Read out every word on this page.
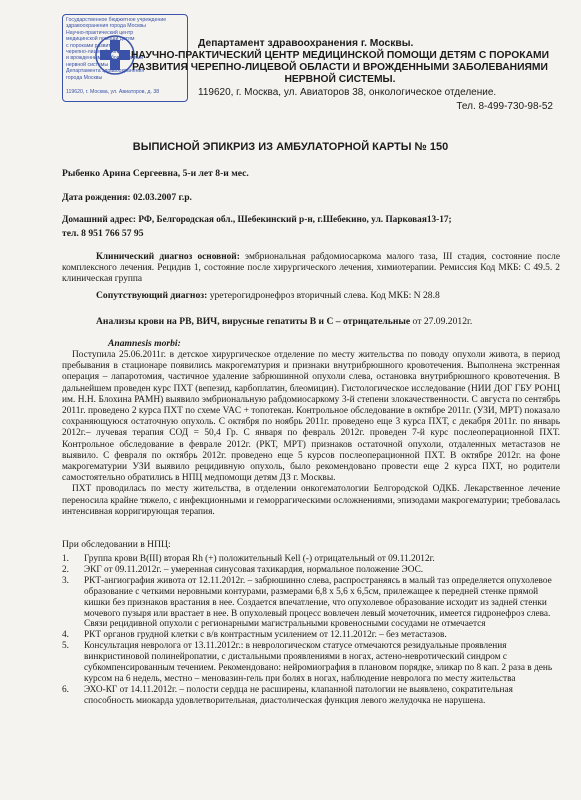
Государственное бюджетное учреждение
здравоохранения города Москвы
Научно-практический центр
медицинской помощи детям
с пороками развития
черепно-лицевой области
и врожденными заболеваниями
нервной системы
Департамента здравоохранения
города Москвы
119620, г. Москва, ул. Авиаторов, д. 38
Департамент здравоохранения г. Москвы.
НАУЧНО-ПРАКТИЧЕСКИЙ ЦЕНТР МЕДИЦИНСКОЙ ПОМОЩИ ДЕТЯМ С ПОРОКАМИ РАЗВИТИЯ ЧЕРЕПНО-ЛИЦЕВОЙ ОБЛАСТИ И ВРОЖДЕННЫМИ ЗАБОЛЕВАНИЯМИ НЕРВНОЙ СИСТЕМЫ.
119620, г. Москва, ул. Авиаторов 38, онкологическое отделение.
Тел. 8-499-730-98-52
ВЫПИСНОЙ ЭПИКРИЗ ИЗ АМБУЛАТОРНОЙ КАРТЫ № 150
Рыбенко Арина Сергеевна, 5-и лет 8-и мес.
Дата рождения: 02.03.2007 г.р.
Домашний адрес: РФ, Белгородская обл., Шебекинский р-н, г.Шебекино, ул. Парковая13-17;
тел. 8 951 766 57 95
Клинический диагноз основной: эмбриональная рабдомиосаркома малого таза, III стадия, состояние после комплексного лечения. Рецидив 1, состояние после хирургического лечения, химиотерапии. Ремиссия Код МКБ: С 49.5. 2 клиническая группа
Сопутствующий диагноз: уретерогидронефроз вторичный слева. Код МКБ: N 28.8
Анализы крови на РВ, ВИЧ, вирусные гепатиты В и С – отрицательные от 27.09.2012г.
Anamnesis morbi:

Поступила 25.06.2011г. в детское хирургическое отделение по месту жительства по поводу опухоли живота, в период пребывания в стационаре появились макрогематурия и признаки внутрибрюшного кровотечения. Выполнена экстренная операция – лапаротомия, частичное удаление забрюшинной опухоли слева, остановка внутрибрюшного кровотечения. В дальнейшем проведен курс ПХТ (вепезид, карбоплатин, блеомицин). Гистологическое исследование (НИИ ДОГ ГБУ РОНЦ им. Н.Н. Блохина РАМН) выявило эмбриональную рабдомиосаркому 3-й степени злокачественности. С августа по сентябрь 2011г. проведено 2 курса ПХТ по схеме VAC + топотекан. Контрольное обследование в октябре 2011г. (УЗИ, МРТ) показало сохраняющуюся остаточную опухоль. С октября по ноябрь 2011г. проведено еще 3 курса ПХТ, с декабря 2011г. по январь 2012г.– лучевая терапия СОД = 50,4 Гр. С января по февраль 2012г. проведен 7-й курс послеоперационной ПХТ. Контрольное обследование в феврале 2012г. (РКТ, МРТ) признаков остаточной опухоли, отдаленных метастазов не выявило. С февраля по октябрь 2012г. проведено еще 5 курсов послеоперационной ПХТ. В октябре 2012г. на фоне макрогематурии УЗИ выявило рецидивную опухоль, было рекомендовано провести еще 2 курса ПХТ, но родители самостоятельно обратились в НПЦ медпомощи детям ДЗ г. Москвы.

ПХТ проводилась по месту жительства, в отделении онкогематологии Белгородской ОДКБ. Лекарственное лечение переносила крайне тяжело, с инфекционными и геморрагическими осложнениями, эпизодами макрогематурии; требовалась интенсивная корригирующая терапия.

При обследовании в НПЦ:
1. Группа крови В(III) вторая Rh (+) положительный Kell (-) отрицательный от 09.11.2012г.
2. ЭКГ от 09.11.2012г. – умеренная синусовая тахикардия, нормальное положение ЭОС.
3. РКТ-ангиография живота от 12.11.2012г. – забрюшинно слева, распространяясь в малый таз определяется опухолевое образование с четкими неровными контурами, размерами 6,8 х 5,6 х 6,5см, прилежащее к передней стенке прямой кишки без признаков врастания в нее. Создается впечатление, что опухолевое образование исходит из задней стенки мочевого пузыря или врастает в нее. В опухолевый процесс вовлечен левый мочеточник, имеется гидронефроз слева. Связи рецидивной опухоли с регионарными магистральными кровеносными сосудами не отмечается
4. РКТ органов грудной клетки с в/в контрастным усилением от 12.11.2012г. – без метастазов.
5. Консультация невролога от 13.11.2012г.: в неврологическом статусе отмечаются резидуальные проявления винкристиновой полинейропатии, с дистальными проявлениями в ногах, астено-невротический синдром с субкомпенсированным течением. Рекомендовано: нейромиография в плановом порядке, эликар по 8 кап. 2 раза в день курсом на 6 недель, местно – меновазин-гель при болях в ногах, наблюдение невролога по месту жительства
6. ЭХО-КГ от 14.11.2012г. – полости сердца не расширены, клапанной патологии не выявлено, сократительная способность миокарда удовлетворительная, диастолическая функция левого желудочка не нарушена.
